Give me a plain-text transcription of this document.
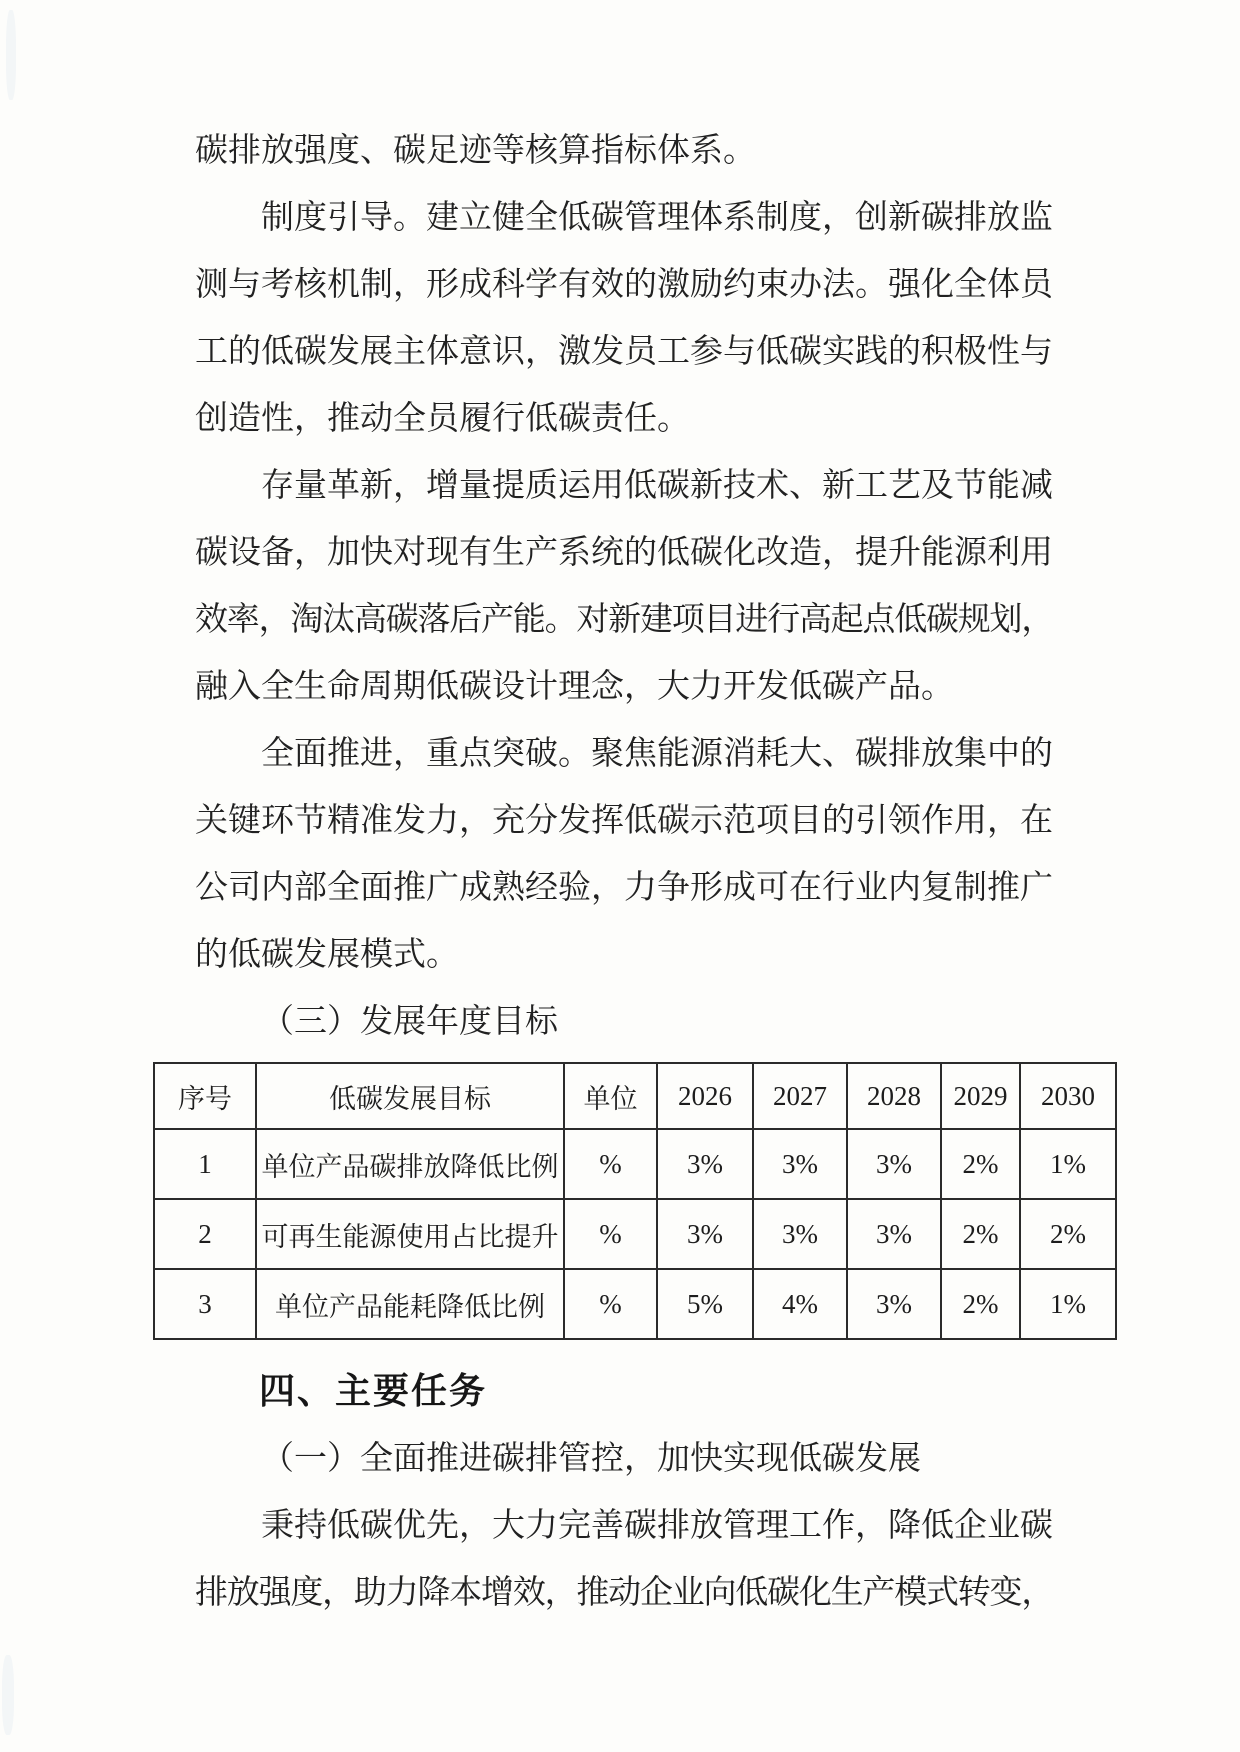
碳排放强度、碳足迹等核算指标体系。
制度引导。建立健全低碳管理体系制度，创新碳排放监
测与考核机制，形成科学有效的激励约束办法。强化全体员
工的低碳发展主体意识，激发员工参与低碳实践的积极性与
创造性，推动全员履行低碳责任。
存量革新，增量提质运用低碳新技术、新工艺及节能减
碳设备，加快对现有生产系统的低碳化改造，提升能源利用
效率，淘汰高碳落后产能。对新建项目进行高起点低碳规划，
融入全生命周期低碳设计理念，大力开发低碳产品。
全面推进，重点突破。聚焦能源消耗大、碳排放集中的
关键环节精准发力，充分发挥低碳示范项目的引领作用，在
公司内部全面推广成熟经验，力争形成可在行业内复制推广
的低碳发展模式。
（三）发展年度目标
序号	低碳发展目标	单位	2026	2027	2028	2029	2030
1	单位产品碳排放降低比例	%	3%	3%	3%	2%	1%
2	可再生能源使用占比提升	%	3%	3%	3%	2%	2%
3	单位产品能耗降低比例	%	5%	4%	3%	2%	1%
四、主要任务
（一）全面推进碳排管控，加快实现低碳发展
秉持低碳优先，大力完善碳排放管理工作，降低企业碳
排放强度，助力降本增效，推动企业向低碳化生产模式转变，
